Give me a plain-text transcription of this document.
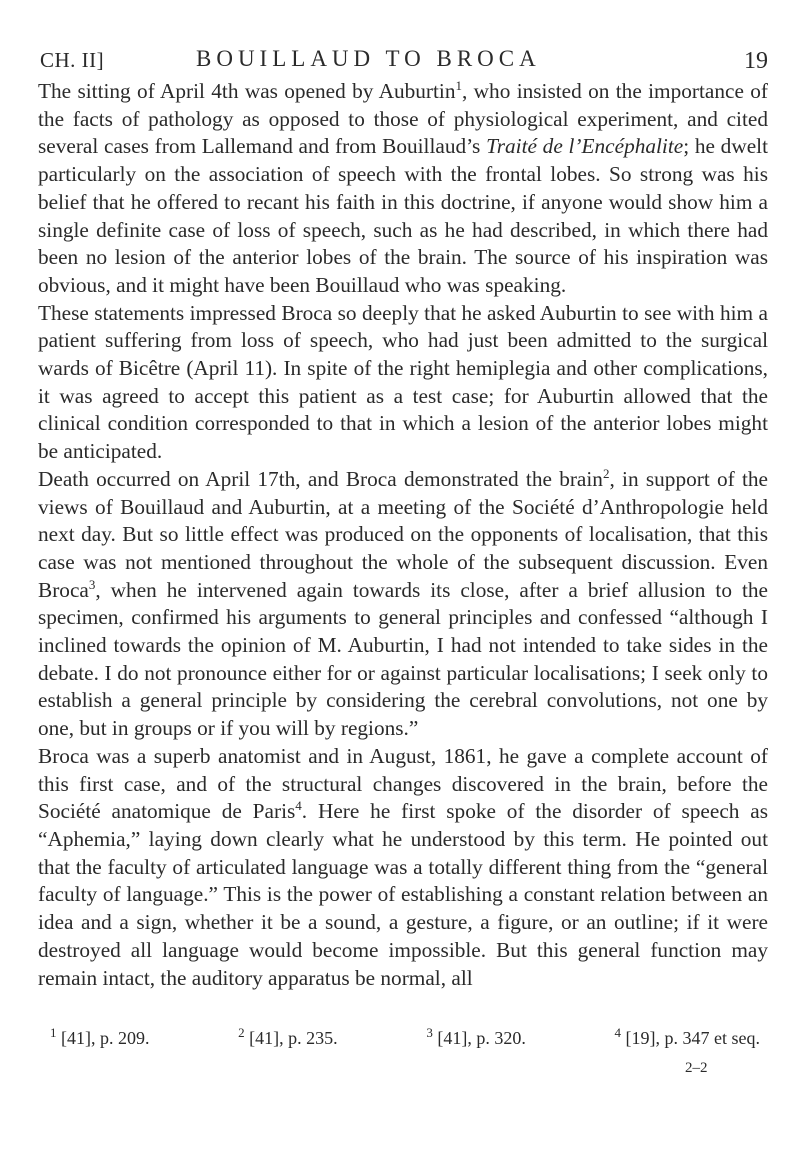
CH. II]	BOUILLAUD TO BROCA	19

The sitting of April 4th was opened by Auburtin$^1$, who insisted on the importance of the facts of pathology as opposed to those of physiological experiment, and cited several cases from Lallemand and from Bouillaud’s Traité de l’Encéphalite; he dwelt particularly on the association of speech with the frontal lobes. So strong was his belief that he offered to recant his faith in this doctrine, if anyone would show him a single definite case of loss of speech, such as he had described, in which there had been no lesion of the anterior lobes of the brain. The source of his inspiration was obvious, and it might have been Bouillaud who was speaking.

These statements impressed Broca so deeply that he asked Auburtin to see with him a patient suffering from loss of speech, who had just been admitted to the surgical wards of Bicêtre (April 11). In spite of the right hemiplegia and other complications, it was agreed to accept this patient as a test case; for Auburtin allowed that the clinical condition corresponded to that in which a lesion of the anterior lobes might be anticipated.

Death occurred on April 17th, and Broca demonstrated the brain$^2$, in support of the views of Bouillaud and Auburtin, at a meeting of the Société d’Anthropologie held next day. But so little effect was produced on the opponents of localisation, that this case was not mentioned throughout the whole of the subsequent discussion. Even Broca$^3$, when he intervened again towards its close, after a brief allusion to the specimen, confirmed his arguments to general principles and confessed “although I inclined towards the opinion of M. Auburtin, I had not intended to take sides in the debate. I do not pronounce either for or against particular localisations; I seek only to establish a general principle by considering the cerebral convolutions, not one by one, but in groups or if you will by regions.”

Broca was a superb anatomist and in August, 1861, he gave a complete account of this first case, and of the structural changes discovered in the brain, before the Société anatomique de Paris$^4$. Here he first spoke of the disorder of speech as “Aphemia,” laying down clearly what he understood by this term. He pointed out that the faculty of articulated language was a totally different thing from the “general faculty of language.” This is the power of establishing a constant relation between an idea and a sign, whether it be a sound, a gesture, a figure, or an outline; if it were destroyed all language would become impossible. But this general function may remain intact, the auditory apparatus be normal, all

$^1$ [41], p. 209.	$^2$ [41], p. 235.	$^3$ [41], p. 320.	$^4$ [19], p. 347 et seq.
2–2
